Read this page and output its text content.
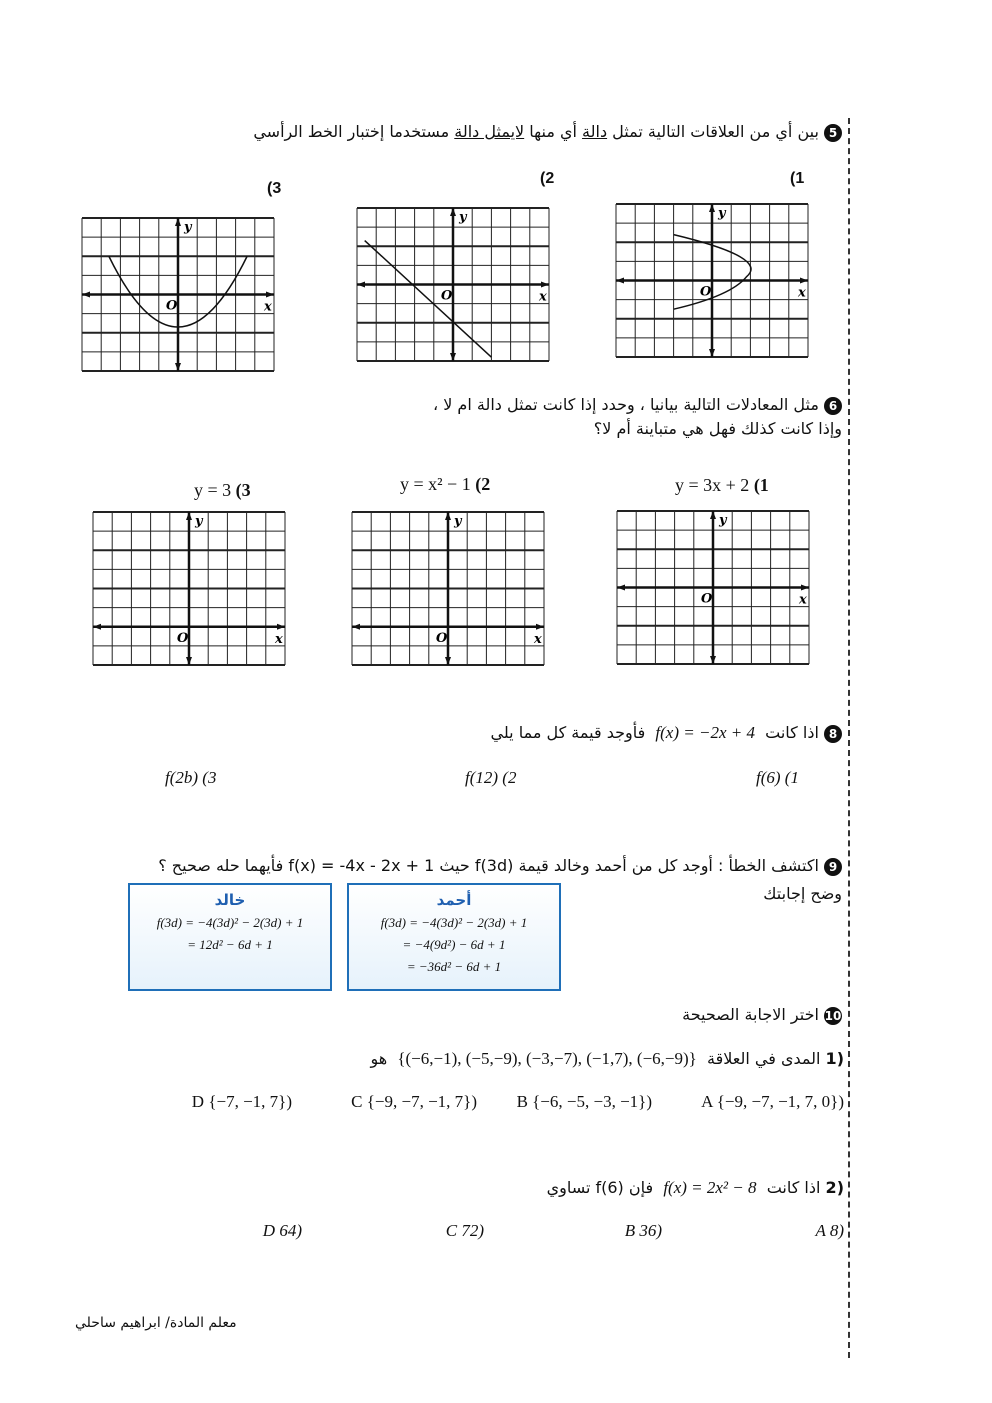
5 بين أي من العلاقات التالية تمثل دالة أي منها لايمثل دالة مستخدما إختبار الخط الرأسي
(1
(2
(3
6 مثل المعادلات التالية بيانيا ، وحدد إذا كانت تمثل دالة ام لا ،
وإذا كانت كذلك فهل هي متباينة أم لا؟
y = 3x + 2 (1
y = x² − 1 (2
y = 3 (3
8 اذا كانت  f(x) = −2x + 4  فأوجد قيمة كل مما يلي
f(6) (1
f(12) (2
f(2b) (3
9 اكتشف الخطأ : أوجد كل من أحمد وخالد قيمة f(3d) حيث f(x) = -4x - 2x + 1 فأيهما حله صحيح ؟
وضح إجابتك
أحمد
f(3d) = −4(3d)² − 2(3d) + 1
= −4(9d²) − 6d + 1
= −36d² − 6d + 1
خالد
f(3d) = −4(3d)² − 2(3d) + 1
= 12d² − 6d + 1
10 اختر الاجابة الصحيحة
(1 المدى في العلاقة  {(−6,−1), (−5,−9), (−3,−7), (−1,7), (−6,−9)}  هو
(A {−9, −7, −1, 7, 0}
(B {−6, −5, −3, −1}
(C {−9, −7, −1, 7}
(D {−7, −1, 7}
(2 اذا كانت  f(x) = 2x² − 8  فإن f(6) تساوي
(A 8
(B 36
(C 72
(D 64
معلم المادة/ ابراهيم ساحلي
y
x
O
y
x
O
y
x
O
y
x
O
y
x
O
y
x
O
